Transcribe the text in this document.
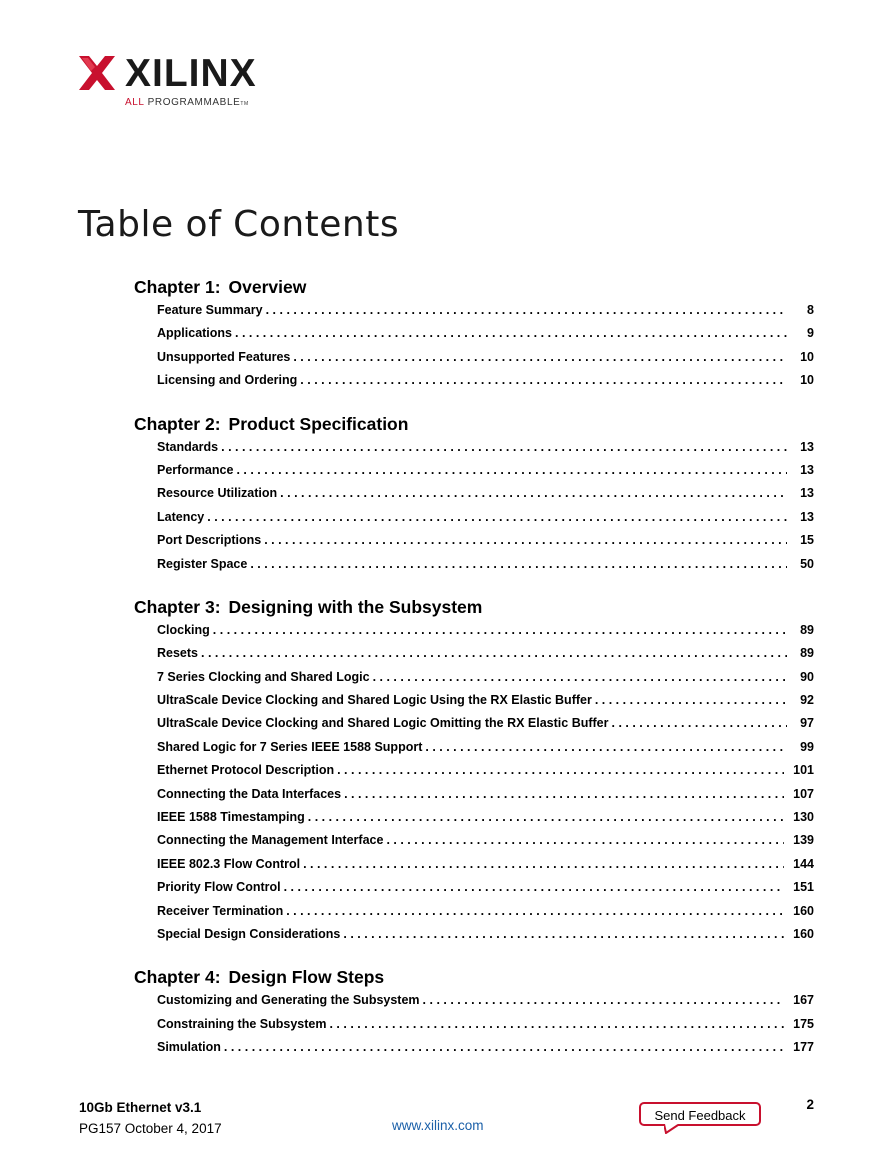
XILINX
ALL PROGRAMMABLETM
Table of Contents
Chapter 1: Overview
Feature Summary . . .	8
Applications . . .	9
Unsupported Features . . .	10
Licensing and Ordering . . .	10
Chapter 2: Product Specification
Standards . . .	13
Performance . . .	13
Resource Utilization . . .	13
Latency . . .	13
Port Descriptions . . .	15
Register Space . . .	50
Chapter 3: Designing with the Subsystem
Clocking . . .	89
Resets . . .	89
7 Series Clocking and Shared Logic . . .	90
UltraScale Device Clocking and Shared Logic Using the RX Elastic Buffer . . .	92
UltraScale Device Clocking and Shared Logic Omitting the RX Elastic Buffer . . .	97
Shared Logic for 7 Series IEEE 1588 Support . . .	99
Ethernet Protocol Description . . .	101
Connecting the Data Interfaces . . .	107
IEEE 1588 Timestamping . . .	130
Connecting the Management Interface . . .	139
IEEE 802.3 Flow Control . . .	144
Priority Flow Control . . .	151
Receiver Termination . . .	160
Special Design Considerations . . .	160
Chapter 4: Design Flow Steps
Customizing and Generating the Subsystem . . .	167
Constraining the Subsystem . . .	175
Simulation . . .	177
10Gb Ethernet v3.1
PG157 October 4, 2017	www.xilinx.com
Send Feedback
2
